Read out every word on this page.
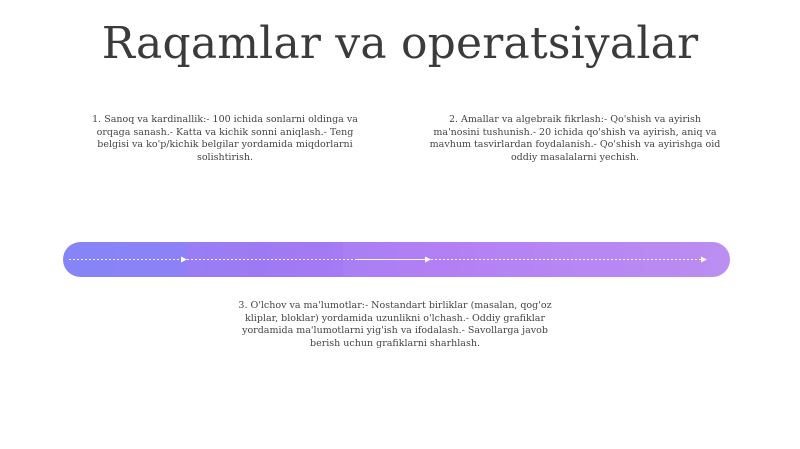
Raqamlar va operatsiyalar
1. Sanoq va kardinallik:- 100 ichida sonlarni oldinga va orqaga sanash.- Katta va kichik sonni aniqlash.- Teng belgisi va ko'p/kichik belgilar yordamida miqdorlarni solishtirish.
2. Amallar va algebraik fikrlash:- Qo'shish va ayirish ma'nosini tushunish.- 20 ichida qo'shish va ayirish, aniq va mavhum tasvirlardan foydalanish.- Qo'shish va ayirishga oid oddiy masalalarni yechish.
3. O'lchov va ma'lumotlar:- Nostandart birliklar (masalan, qog'oz kliplar, bloklar) yordamida uzunlikni o'lchash.- Oddiy grafiklar yordamida ma'lumotlarni yig'ish va ifodalash.- Savollarga javob berish uchun grafiklarni sharhlash.
